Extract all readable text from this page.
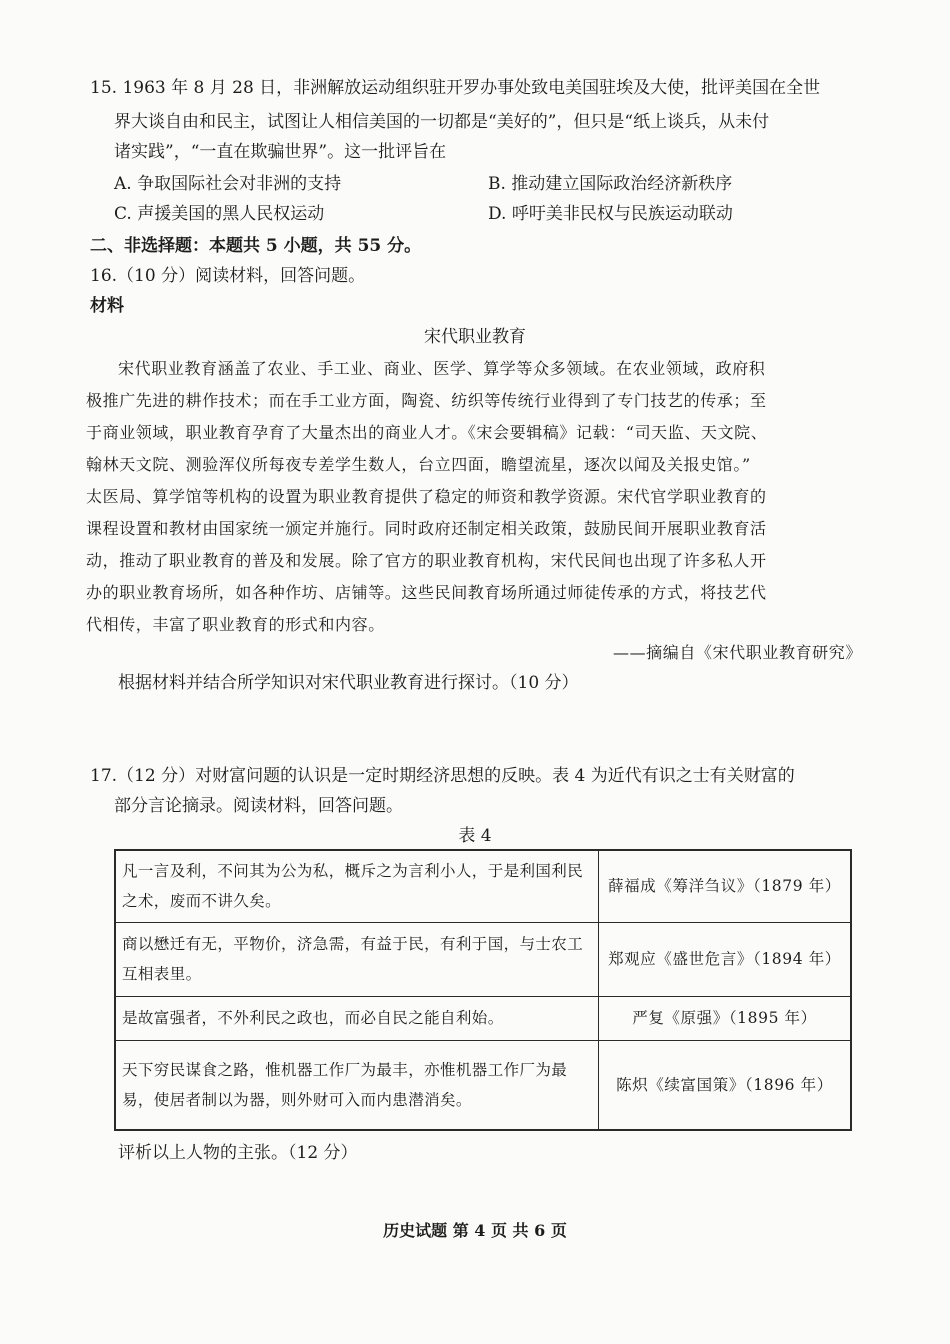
15. 1963 年 8 月 28 日，非洲解放运动组织驻开罗办事处致电美国驻埃及大使，批评美国在全世
界大谈自由和民主，试图让人相信美国的一切都是“美好的”，但只是“纸上谈兵，从未付
诸实践”，“一直在欺骗世界”。这一批评旨在
A. 争取国际社会对非洲的支持	B. 推动建立国际政治经济新秩序
C. 声援美国的黑人民权运动	D. 呼吁美非民权与民族运动联动
二、非选择题：本题共 5 小题，共 55 分。
16.（10 分）阅读材料，回答问题。
材料
宋代职业教育
宋代职业教育涵盖了农业、手工业、商业、医学、算学等众多领域。在农业领域，政府积
极推广先进的耕作技术；而在手工业方面，陶瓷、纺织等传统行业得到了专门技艺的传承；至
于商业领域，职业教育孕育了大量杰出的商业人才。《宋会要辑稿》记载：“司天监、天文院、
翰林天文院、测验浑仪所每夜专差学生数人，台立四面，瞻望流星，逐次以闻及关报史馆。”
太医局、算学馆等机构的设置为职业教育提供了稳定的师资和教学资源。宋代官学职业教育的
课程设置和教材由国家统一颁定并施行。同时政府还制定相关政策，鼓励民间开展职业教育活
动，推动了职业教育的普及和发展。除了官方的职业教育机构，宋代民间也出现了许多私人开
办的职业教育场所，如各种作坊、店铺等。这些民间教育场所通过师徒传承的方式，将技艺代
代相传，丰富了职业教育的形式和内容。
——摘编自《宋代职业教育研究》
根据材料并结合所学知识对宋代职业教育进行探讨。（10 分）
17.（12 分）对财富问题的认识是一定时期经济思想的反映。表 4 为近代有识之士有关财富的
部分言论摘录。阅读材料，回答问题。
表 4
凡一言及利，不问其为公为私，概斥之为言利小人，于是利国利民之术，废而不讲久矣。	薛福成《筹洋刍议》（1879 年）
商以懋迁有无，平物价，济急需，有益于民，有利于国，与士农工互相表里。	郑观应《盛世危言》（1894 年）
是故富强者，不外利民之政也，而必自民之能自利始。	严复《原强》（1895 年）
天下穷民谋食之路，惟机器工作厂为最丰，亦惟机器工作厂为最易，使居者制以为器，则外财可入而内患潜消矣。	陈炽《续富国策》（1896 年）
评析以上人物的主张。（12 分）
历史试题 第 4 页 共 6 页
